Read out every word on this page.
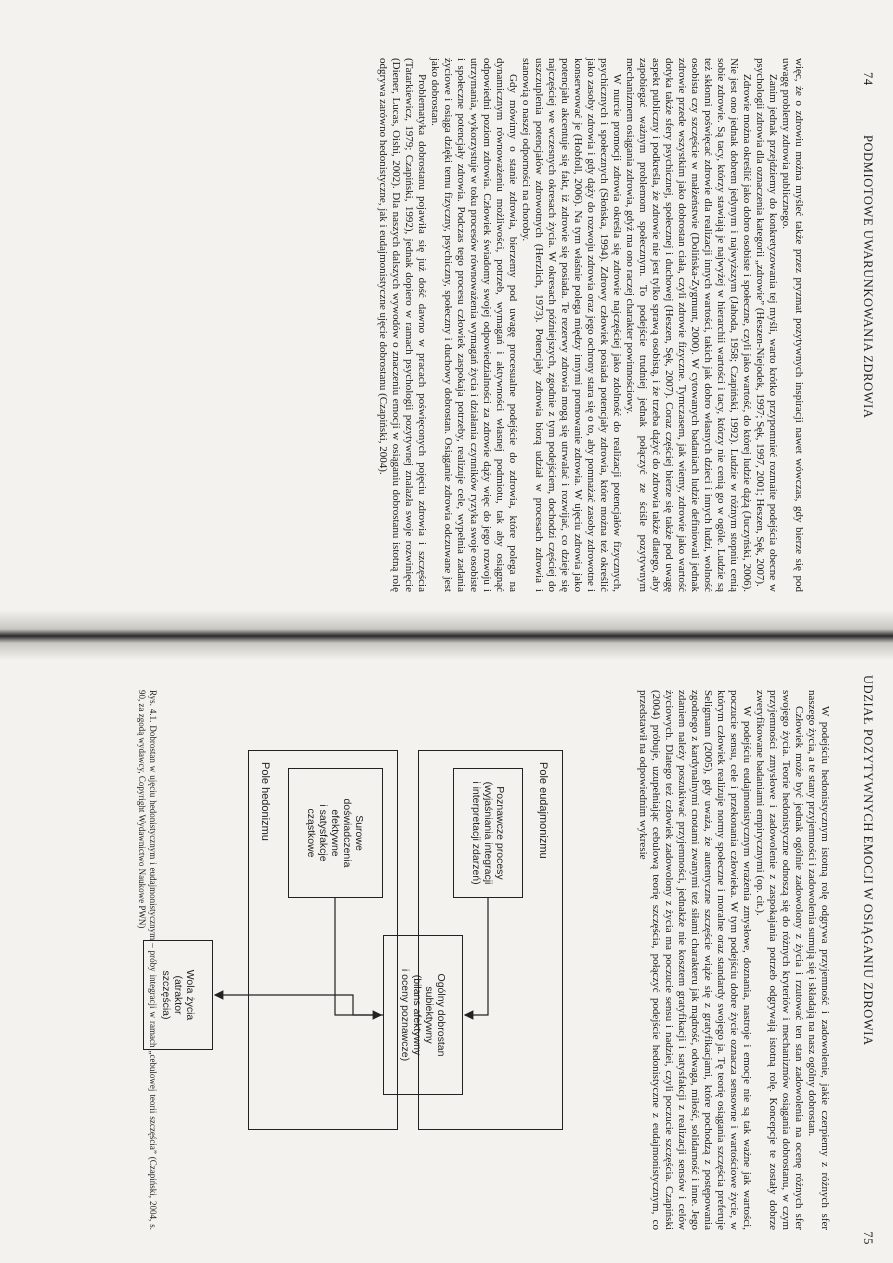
74
PODMIOTOWE UWARUNKOWANIA ZDROWIA

więc, że o zdrowiu można myśleć także przez pryzmat pozytywnych inspiracji nawet wówczas, gdy bierze się pod uwagę problemy zdrowia publicznego.

Zanim jednak przejdziemy do konkretyzowania tej myśli, warto krótko przypomnieć rozmaite podejścia obecne w psychologii zdrowia dla oznaczenia kategorii „zdrowie” (Heszen-Niejodek, 1997; Sęk, 1997, 2001; Heszen, Sęk, 2007).

Zdrowie można określić jako dobro osobiste i społeczne, czyli jako wartość, do której ludzie dążą (Juczyński, 2006). Nie jest ono jednak dobrem jedynym i najwyższym (Jahoda, 1958; Czapiński, 1992). Ludzie w różnym stopniu cenią sobie zdrowie. Są tacy, którzy stawiają je najwyżej w hierarchii wartości i tacy, którzy nie cenią go w ogóle. Ludzie są też skłonni poświęcać zdrowie dla realizacji innych wartości, takich jak dobro własnych dzieci i innych ludzi, wolność osobista czy szczęście w małżeństwie (Dolińska-Zygmunt, 2000). W cytowanych badaniach ludzie definiowali jednak zdrowie przede wszystkim jako dobrostan ciała, czyli zdrowie fizyczne. Tymczasem, jak wiemy, zdrowie jako wartość dotyka także sfery psychicznej, społecznej i duchowej (Heszen, Sęk, 2007). Coraz częściej bierze się także pod uwagę aspekt publiczny i podkreśla, że zdrowie nie jest tylko sprawą osobistą, i że trzeba dążyć do zdrowia także dlatego, aby zapobiegać ważnym problemom społecznym. To podejście trudniej jednak połączyć ze ściśle pozytywnym mechanizmem osiągania zdrowia, gdyż ma ono raczej charakter powinnościowy.

W nurcie promocji zdrowia określa się zdrowie najczęściej jako zdolność do realizacji potencjałów fizycznych, psychicznych i społecznych (Słońska, 1994). Zdrowy człowiek posiada potencjały zdrowia, które można też określić jako zasoby zdrowia i gdy dąży do rozwoju zdrowia oraz jego ochrony stara się o to, aby pomnażać zasoby zdrowotne i konserwować je (Hobfoll, 2006). Na tym właśnie polega między innymi promowanie zdrowia. W ujęciu zdrowia jako potencjału akcentuje się fakt, iż zdrowie się posiada. Te rezerwy zdrowia mogą się utrwalać i rozwijać, co dzieje się najczęściej we wczesnych okresach życia. W okresach późniejszych, zgodnie z tym podejściem, dochodzi częściej do uszczuplenia potencjałów zdrowotnych (Herzlich, 1973). Potencjały zdrowia biorą udział w procesach zdrowia i stanowią o naszej odporności na choroby.

Gdy mówimy o stanie zdrowia, bierzemy pod uwagę procesualne podejście do zdrowia, które polega na dynamicznym równoważeniu możliwości, potrzeb, wymagań i aktywności własnej podmiotu, tak aby osiągnąć odpowiedni poziom zdrowia. Człowiek świadomy swojej odpowiedzialności za zdrowie dąży więc do jego rozwoju i utrzymania, wykorzystuje w toku procesów równoważenia wymagań życia i działania czynników ryzyka swoje osobiste i społeczne potencjały zdrowia. Podczas tego procesu człowiek zaspokaja potrzeby, realizuje cele, wypełnia zadania życiowe i osiąga dzięki temu fizyczny, psychiczny, społeczny i duchowy dobrostan. Osiąganie zdrowia odczuwane jest jako dobrostan.

Problematyka dobrostanu pojawiła się już dość dawno w pracach poświęconych pojęciu zdrowia i szczęścia (Tatarkiewicz, 1979; Czapiński, 1992), jednak dopiero w ramach psychologii pozytywnej znalazła swoje rozwinięcie (Diener, Lucas, Oishi, 2002). Dla naszych dalszych wywodów o znaczeniu emocji w osiąganiu dobrostanu istotną rolę odgrywa zarówno hedonistyczne, jak i eudajmonistyczne ujęcie dobrostanu (Czapiński, 2004).

UDZIAŁ POZYTYWNYCH EMOCJI W OSIĄGANIU ZDROWIA
75

W podejściu hedonistycznym istotną rolę odgrywa przyjemność i zadowolenie, jakie czerpiemy z różnych sfer naszego życia, a te stany przyjemności i zadowolenia sumują się i składają na nasz ogólny dobrostan.

Człowiek może być jednak ogólnie zadowolony z życia i rzutować ten stan zadowolenia na ocenę różnych sfer swojego życia. Teorie hedonistyczne odnoszą się do różnych kryteriów i mechanizmów osiągania dobrostanu, w czym przyjemności zmysłowe i zadowolenie z zaspokajania potrzeb odgrywają istotną rolę. Koncepcje te zostały dobrze zweryfikowane badaniami empirycznymi (op. cit.).

W podejściu eudajmonistycznym wrażenia zmysłowe, doznania, nastroje i emocje nie są tak ważne jak wartości, poczucie sensu, cele i przekonania człowieka. W tym podejściu dobre życie oznacza sensowne i wartościowe życie, w którym człowiek realizuje normy społeczne i moralne oraz standardy swojego ja. Tę teorię osiągania szczęścia preferuje Seligmann (2005), gdy uważa, że autentyczne szczęście wiąże się z gratyfikacjami, które pochodzą z postępowania zgodnego z kardynalnymi cnotami zwanymi też siłami charakteru jak mądrość, odwaga, miłość, solidarność i inne. Jego zdaniem należy poszukiwać przyjemności, jednakże nie kosztem gratyfikacji i satysfakcji z realizacji sensów i celów życiowych. Dlatego też człowiek zadowolony z życia ma poczucie sensu i nadziei, czyli poczucie szczęścia. Czapiński (2004) próbuje, uzupełniając cebulową teorię szczęścia, połączyć podejście hedonistyczne z eudajmonistycznym, co przedstawił na odpowiednim wykresie

Pole eudajmonizmu
Poznawcze procesy
(wyjaśniania integracji
i interpretacji zdarzeń)
Pole hedonizmu	Surowe
doświadczenia
efektywne
i satysfakcje
cząstkowe
Ogólny dobrostan
subiektywny
(bilans afektywny
i oceny poznawcze)
Wola życia
(atraktor
szczęścia)
Rys. 4.1. Dobrostan w ujęciu hedonistycznym i eudajmonistycznym – próby integracji w ramach „cebulowej teorii szczęścia” (Czapiński, 2004, s. 90, za zgodą wydawcy, Copyright Wydawnictwo Naukowe PWN)
